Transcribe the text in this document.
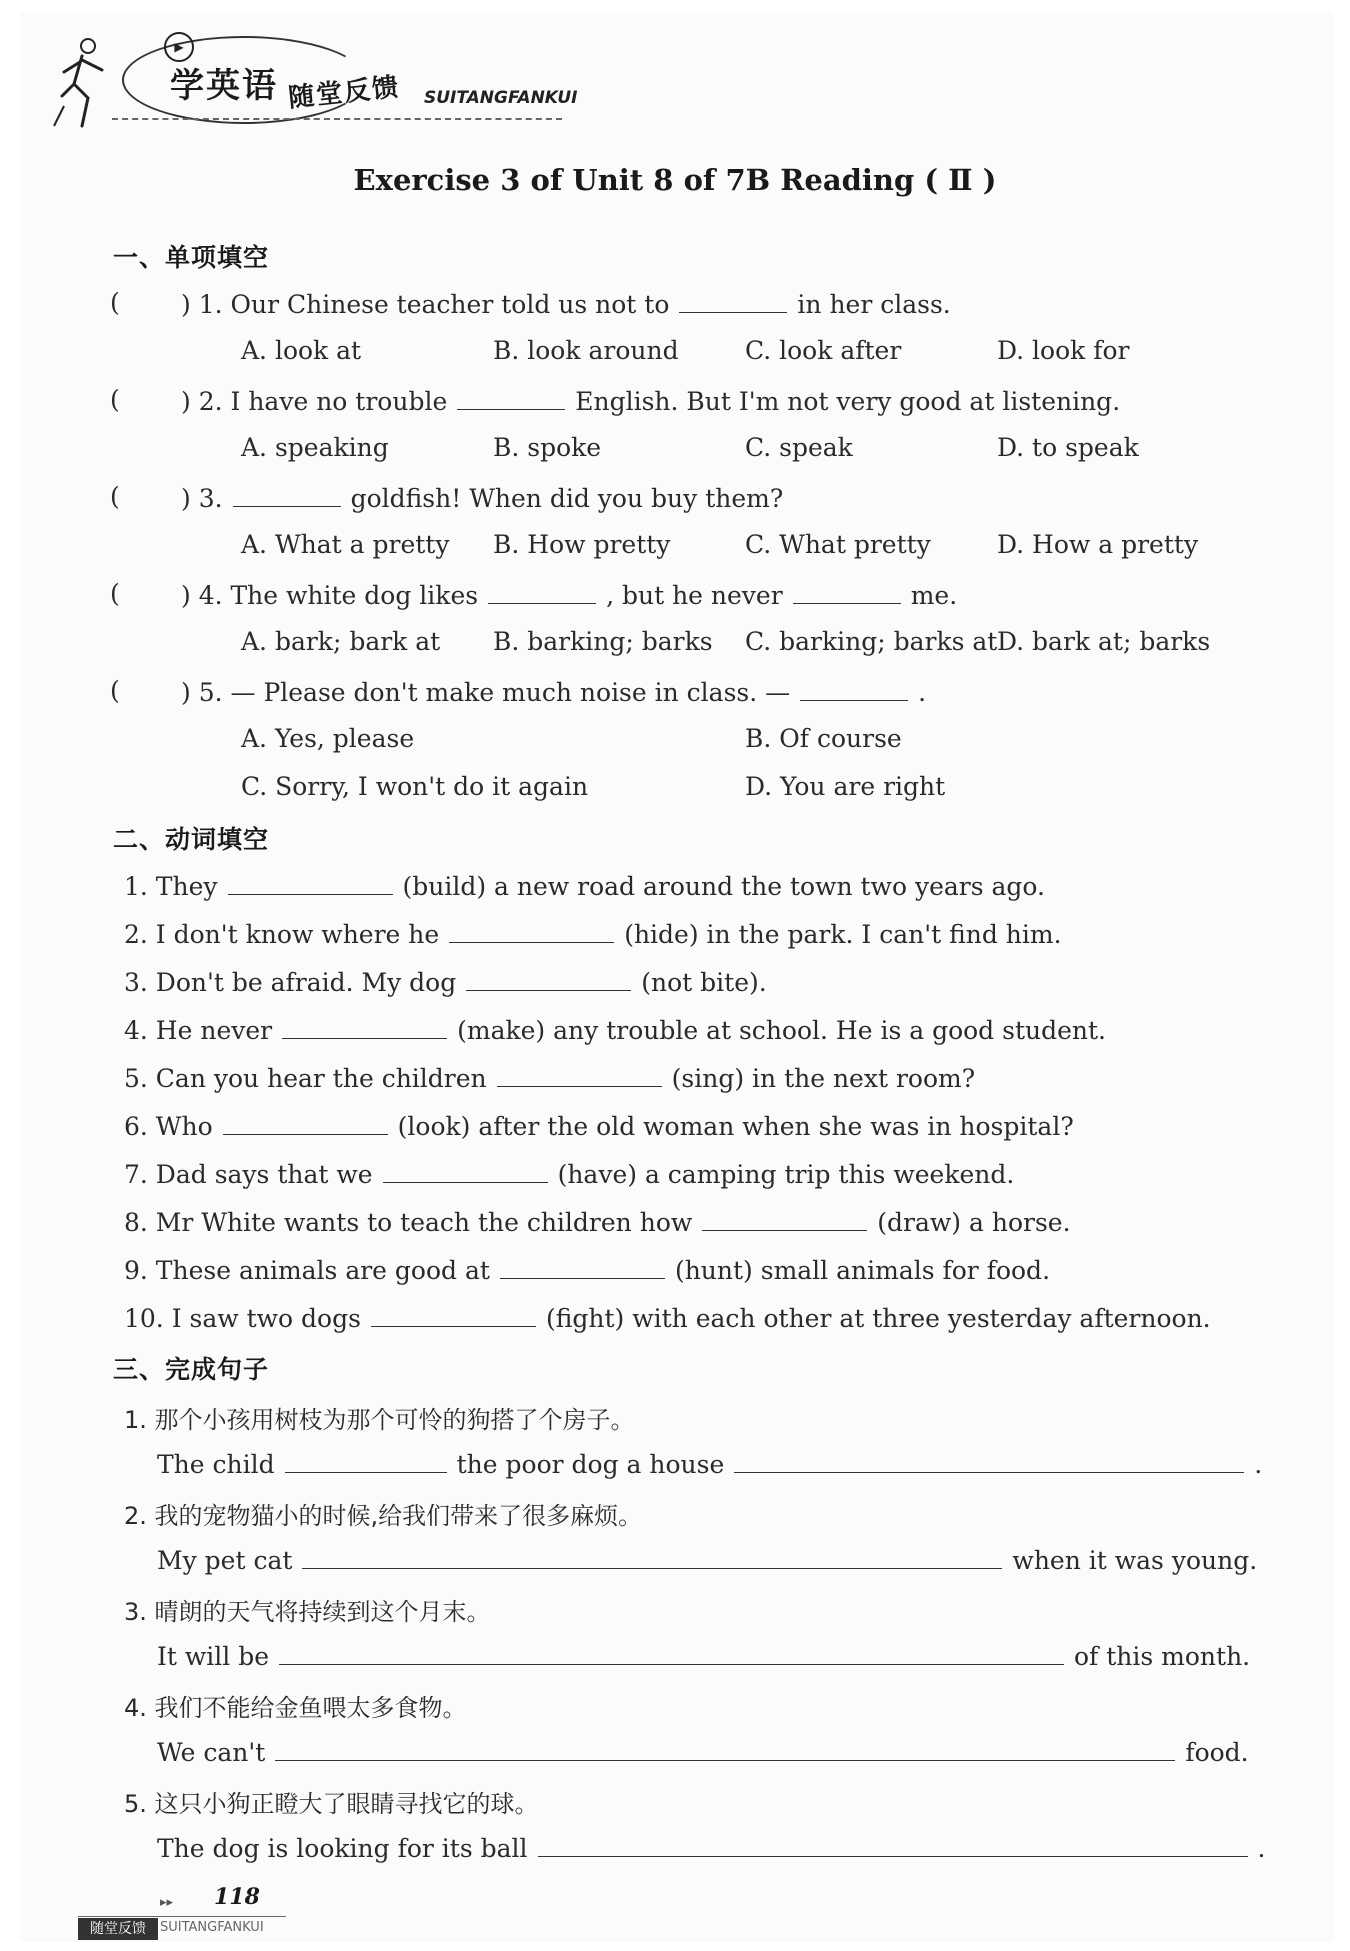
▶
学英语 随堂反馈 SUITANGFANKUI
Exercise 3 of Unit 8 of 7B Reading ( Ⅱ )
一、单项填空
( ) 1. Our Chinese teacher told us not to	in her class.
A. look at	B. look around	C. look after	D. look for
( ) 2. I have no trouble	English. But I'm not very good at listening.
A. speaking	B. spoke	C. speak	D. to speak
( ) 3.	goldfish! When did you buy them?
A. What a pretty B. How pretty	C. What pretty	D. How a pretty
( ) 4. The white dog likes	, but he never	me.
A. bark; bark at B. barking; barks C. barking; barks at D. bark at; barks
( ) 5. — Please don't make much noise in class. —	.
A. Yes, please	B. Of course
C. Sorry, I won't do it again	D. You are right
二、动词填空
1. They	(build) a new road around the town two years ago.
2. I don't know where he	(hide) in the park. I can't find him.
3. Don't be afraid. My dog	(not bite).
4. He never	(make) any trouble at school. He is a good student.
5. Can you hear the children	(sing) in the next room?
6. Who	(look) after the old woman when she was in hospital?
7. Dad says that we	(have) a camping trip this weekend.
8. Mr White wants to teach the children how	(draw) a horse.
9. These animals are good at	(hunt) small animals for food.
10. I saw two dogs	(fight) with each other at three yesterday afternoon.
三、完成句子
1. 那个小孩用树枝为那个可怜的狗搭了个房子。
The child	the poor dog a house	.
2. 我的宠物猫小的时候,给我们带来了很多麻烦。
My pet cat	when it was young.
3. 晴朗的天气将持续到这个月末。
It will be	of this month.
4. 我们不能给金鱼喂太多食物。
We can't	food.
5. 这只小狗正瞪大了眼睛寻找它的球。
The dog is looking for its ball	.
▸▸ 118
随堂反馈	SUITANGFANKUI
